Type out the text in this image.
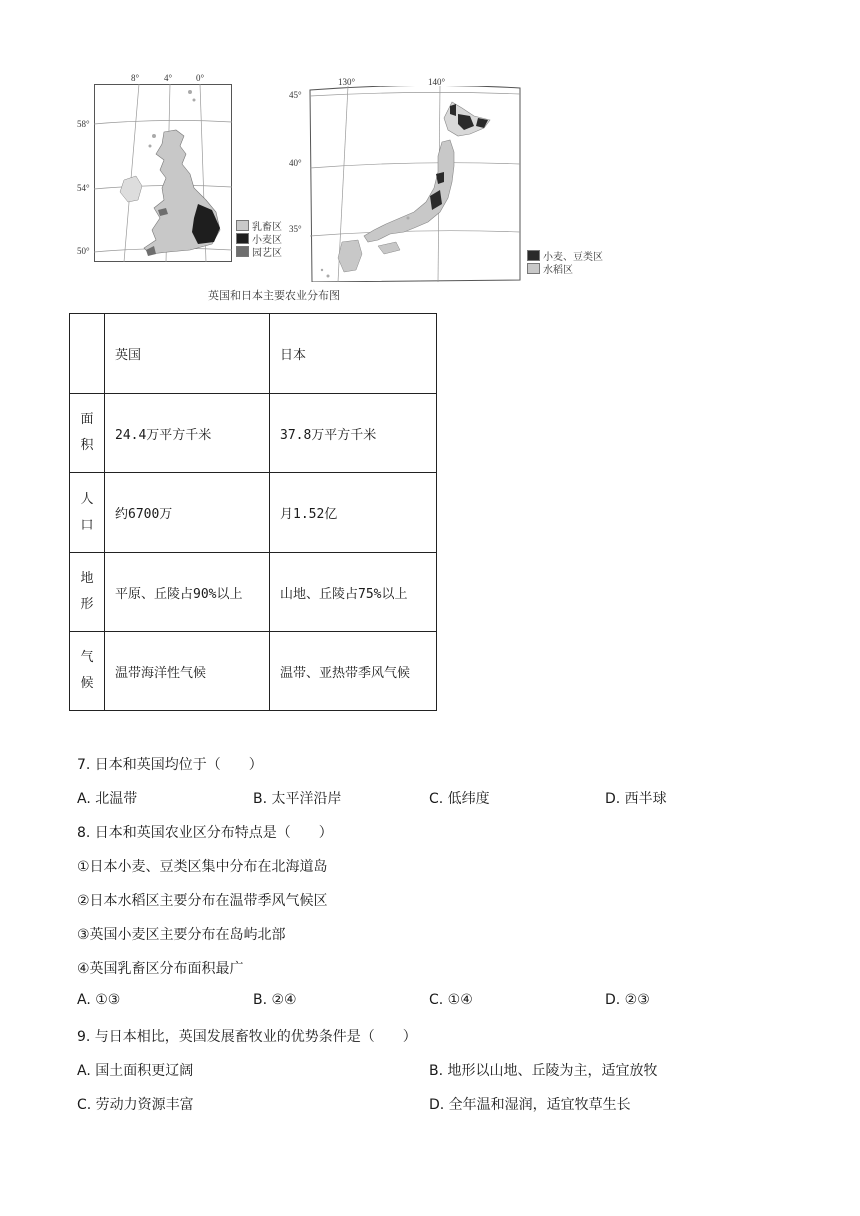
8°	4°	0°
58°
54°
50°
乳畜区
小麦区
园艺区
130°	140°
45°
40°
35°
小麦、豆类区
水稻区
英国和日本主要农业分布图
	英国	日本
面
积	24.4万平方千米	37.8万平方千米
人
口	约6700万	月1.52亿
地
形	平原、丘陵占90%以上	山地、丘陵占75%以上
气
候	温带海洋性气候	温带、亚热带季风气候
7. 日本和英国均位于（　　）
A. 北温带	B. 太平洋沿岸	C. 低纬度	D. 西半球
8. 日本和英国农业区分布特点是（　　）
①日本小麦、豆类区集中分布在北海道岛
②日本水稻区主要分布在温带季风气候区
③英国小麦区主要分布在岛屿北部
④英国乳畜区分布面积最广
A. ①③	B. ②④	C. ①④	D. ②③
9. 与日本相比，英国发展畜牧业的优势条件是（　　）
A. 国土面积更辽阔	B. 地形以山地、丘陵为主，适宜放牧
C. 劳动力资源丰富	D. 全年温和湿润，适宜牧草生长
